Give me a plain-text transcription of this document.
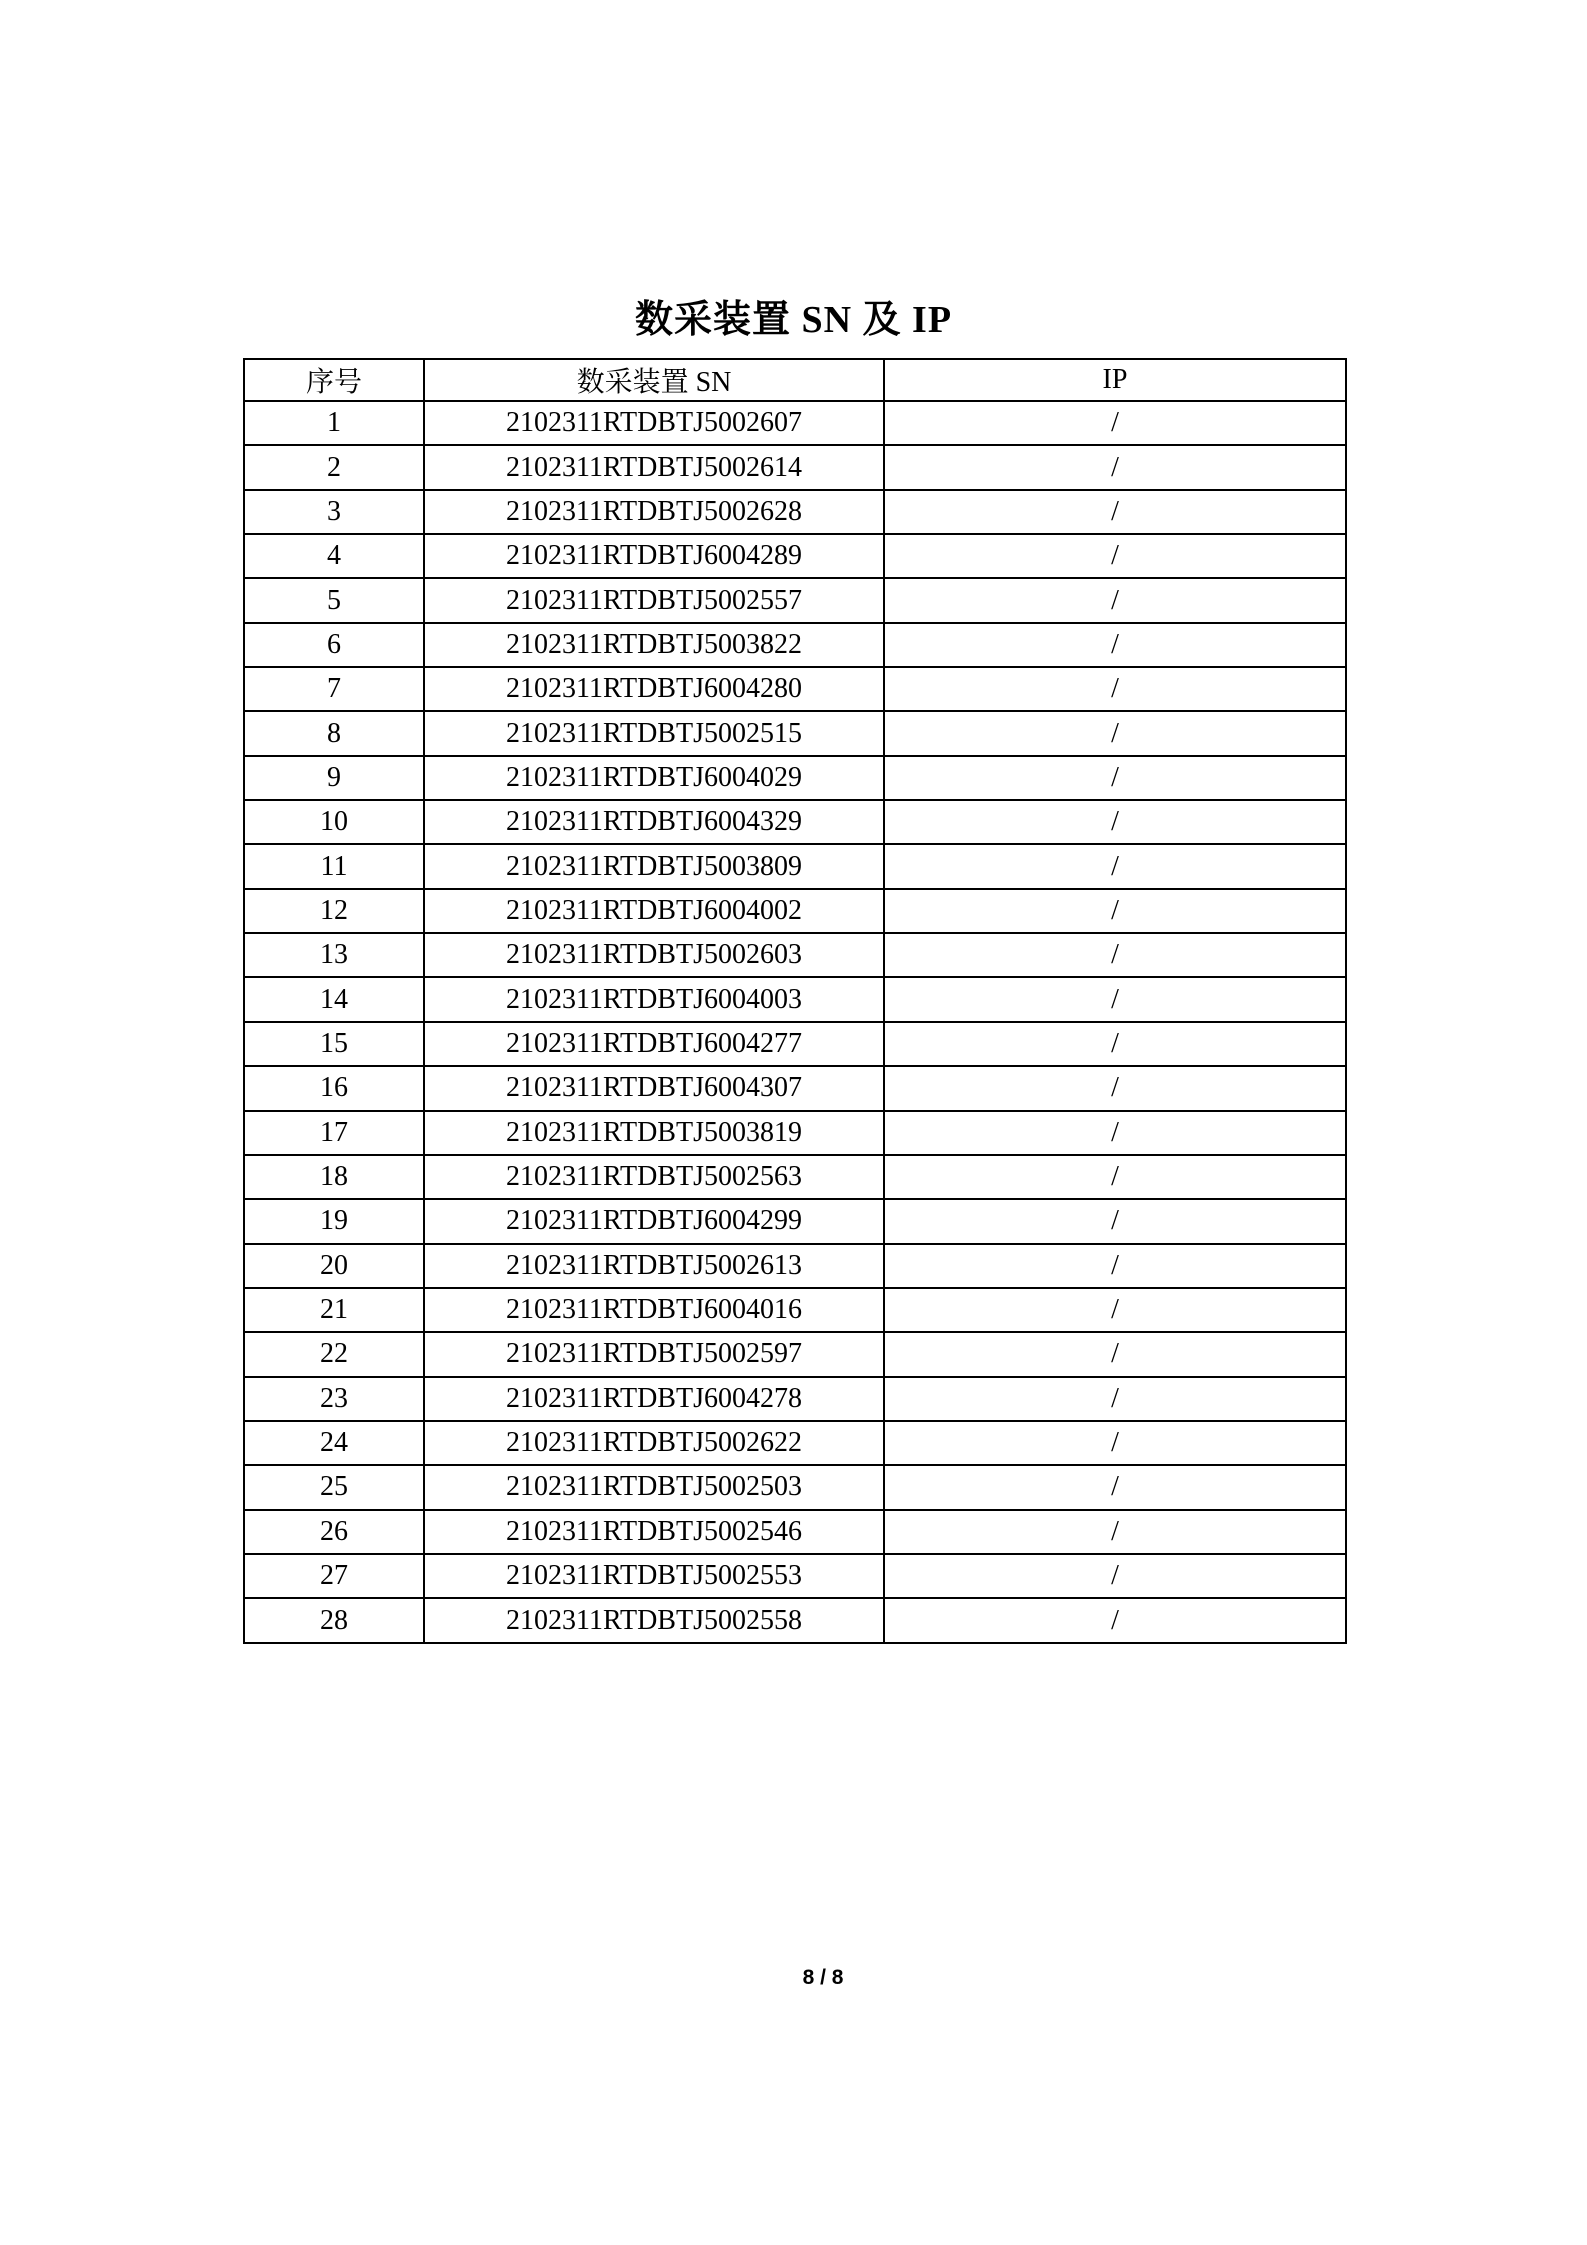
数采装置 SN 及 IP
序号	数采装置 SN	IP
1	2102311RTDBTJ5002607	/
2	2102311RTDBTJ5002614	/
3	2102311RTDBTJ5002628	/
4	2102311RTDBTJ6004289	/
5	2102311RTDBTJ5002557	/
6	2102311RTDBTJ5003822	/
7	2102311RTDBTJ6004280	/
8	2102311RTDBTJ5002515	/
9	2102311RTDBTJ6004029	/
10	2102311RTDBTJ6004329	/
11	2102311RTDBTJ5003809	/
12	2102311RTDBTJ6004002	/
13	2102311RTDBTJ5002603	/
14	2102311RTDBTJ6004003	/
15	2102311RTDBTJ6004277	/
16	2102311RTDBTJ6004307	/
17	2102311RTDBTJ5003819	/
18	2102311RTDBTJ5002563	/
19	2102311RTDBTJ6004299	/
20	2102311RTDBTJ5002613	/
21	2102311RTDBTJ6004016	/
22	2102311RTDBTJ5002597	/
23	2102311RTDBTJ6004278	/
24	2102311RTDBTJ5002622	/
25	2102311RTDBTJ5002503	/
26	2102311RTDBTJ5002546	/
27	2102311RTDBTJ5002553	/
28	2102311RTDBTJ5002558	/
8 / 8
